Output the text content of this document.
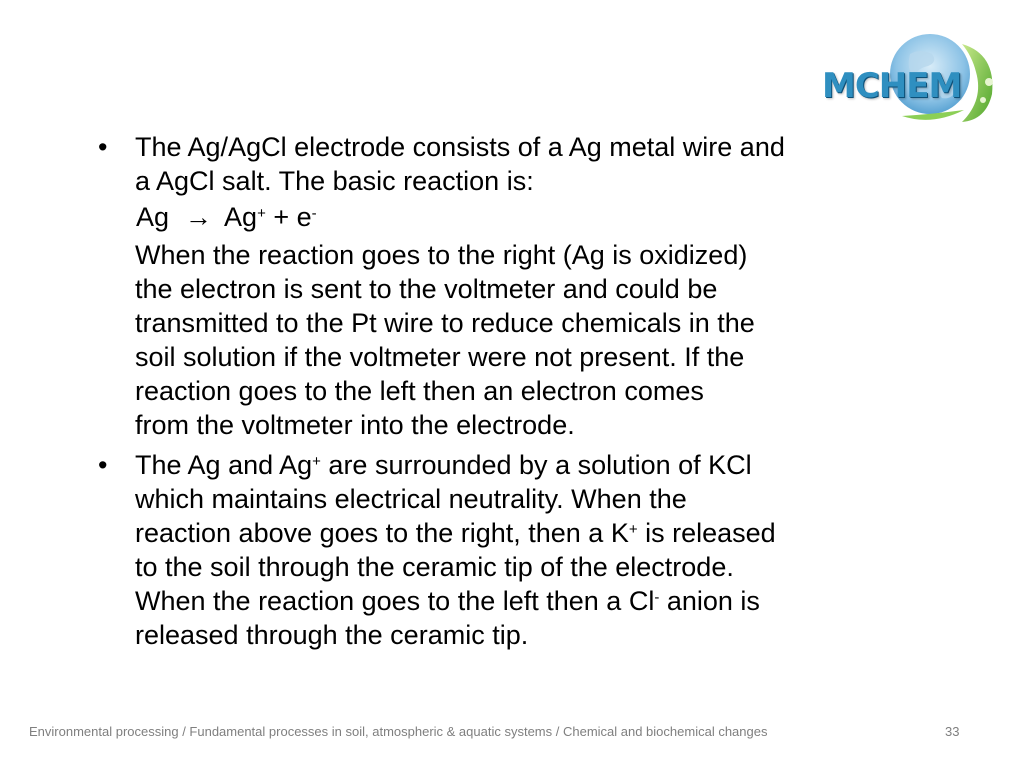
MCHEM
•	The Ag/AgCl electrode consists of a Ag metal wire and
a AgCl salt. The basic reaction is:
Ag → Ag+ + e-
When the reaction goes to the right (Ag is oxidized)
the electron is sent to the voltmeter and could be
transmitted to the Pt wire to reduce chemicals in the
soil solution if the voltmeter were not present. If the
reaction goes to the left then an electron comes
from the voltmeter into the electrode.
•	The Ag and Ag+ are surrounded by a solution of KCl
which maintains electrical neutrality. When the
reaction above goes to the right, then a K+ is released
to the soil through the ceramic tip of the electrode.
When the reaction goes to the left then a Cl- anion is
released through the ceramic tip.
Environmental processing / Fundamental processes in soil, atmospheric & aquatic systems / Chemical and biochemical changes	33
